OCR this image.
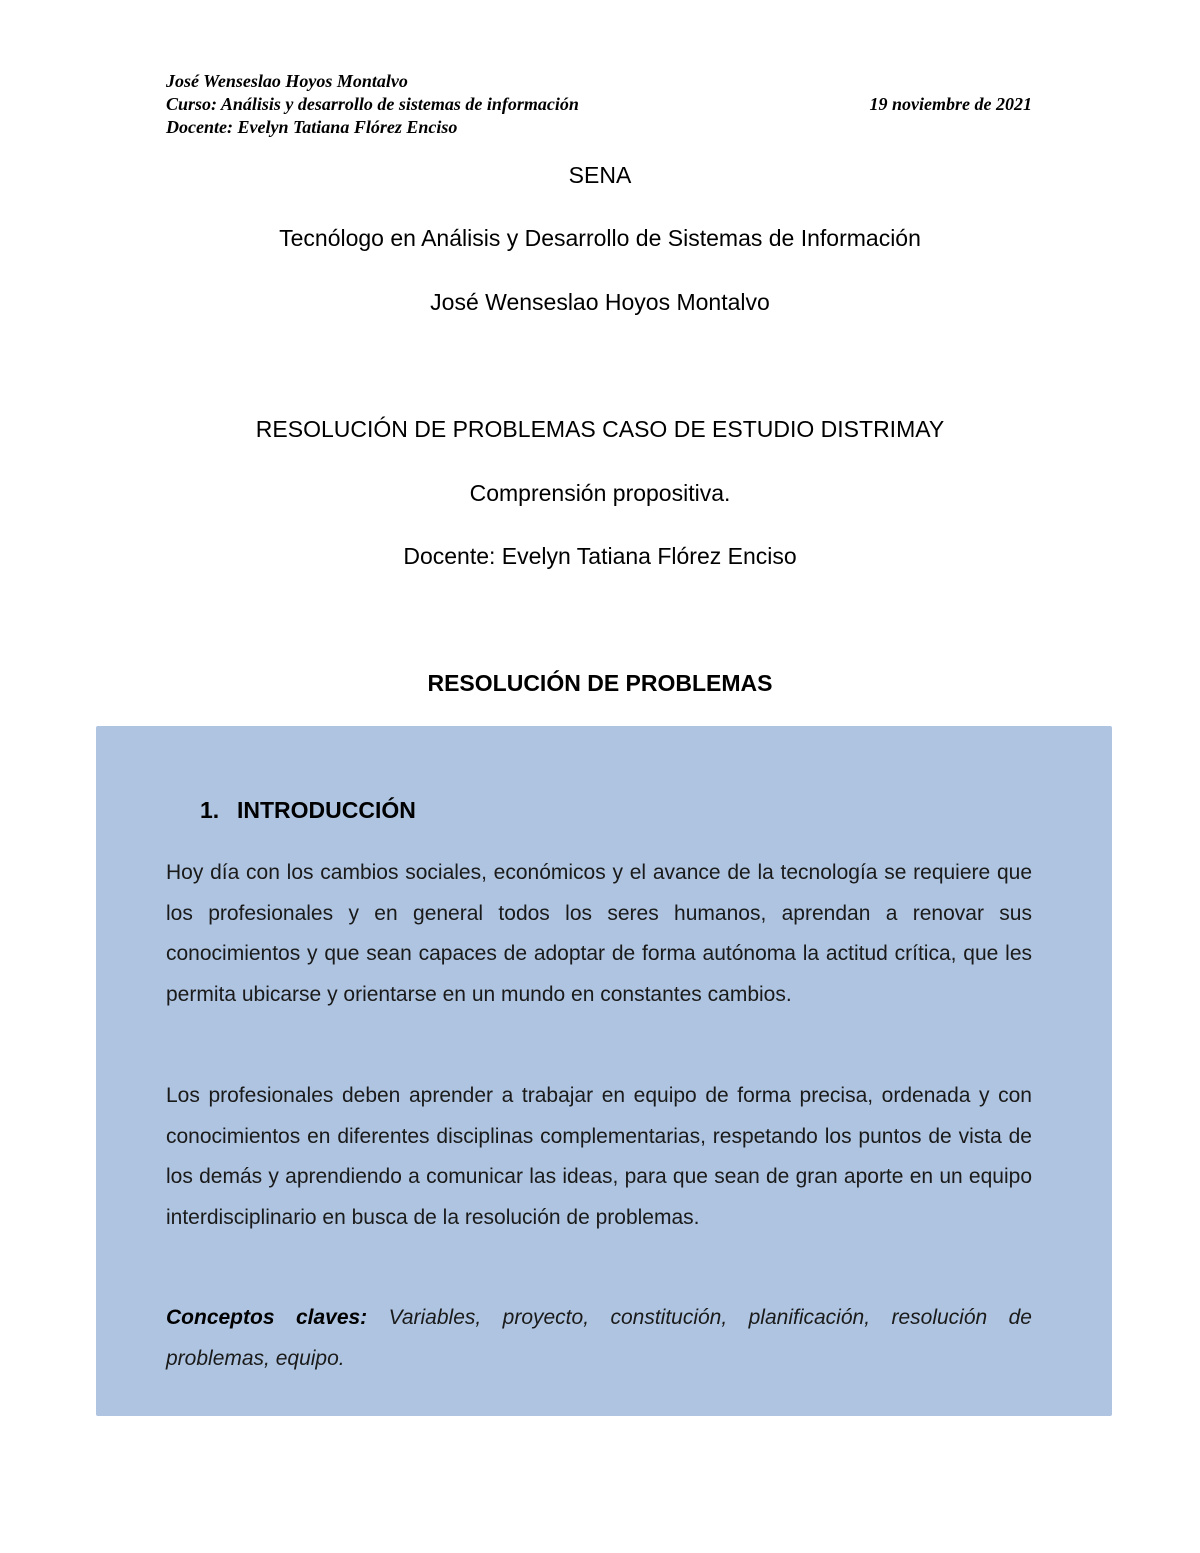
José Wenseslao Hoyos Montalvo
Curso: Análisis y desarrollo de sistemas de información	19 noviembre de 2021
Docente: Evelyn Tatiana Flórez Enciso
SENA
Tecnólogo en Análisis y Desarrollo de Sistemas de Información
José Wenseslao Hoyos Montalvo
RESOLUCIÓN DE PROBLEMAS CASO DE ESTUDIO DISTRIMAY
Comprensión propositiva.
Docente: Evelyn Tatiana Flórez Enciso
RESOLUCIÓN DE PROBLEMAS
1. INTRODUCCIÓN
Hoy día con los cambios sociales, económicos y el avance de la tecnología se requiere que los profesionales y en general todos los seres humanos, aprendan a renovar sus conocimientos y que sean capaces de adoptar de forma autónoma la actitud crítica, que les permita ubicarse y orientarse en un mundo en constantes cambios.
Los profesionales deben aprender a trabajar en equipo de forma precisa, ordenada y con conocimientos en diferentes disciplinas complementarias, respetando los puntos de vista de los demás y aprendiendo a comunicar las ideas, para que sean de gran aporte en un equipo interdisciplinario en busca de la resolución de problemas.
Conceptos claves: Variables, proyecto, constitución, planificación, resolución de problemas, equipo.
